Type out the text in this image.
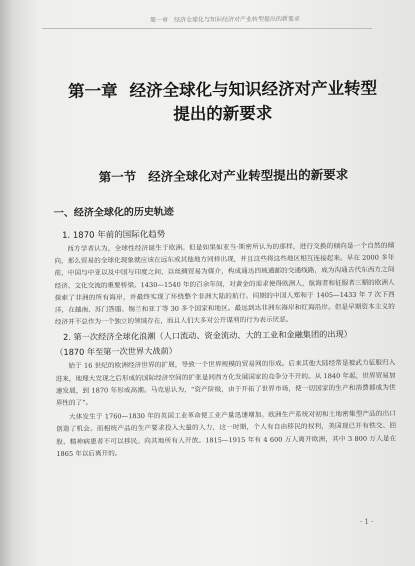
第一章　经济全球化与知识经济对产业转型提出的新要求
第一章 经济全球化与知识经济对产业转型
提出的新要求
第一节 经济全球化对产业转型提出的新要求
一、经济全球化的历史轨迹
1. 1870 年前的国际化趋势

西方学者认为，全球性经济诞生于欧洲。但是如果如亚当·斯密所认为的那样，进行交换的倾向是一个自然的倾向，那么贸易的全球化现象就应该在远东或其他地方同样出现，并且这些将这些地区相互连接起来。早在 2000 多年前，中国与中亚以及中国与印度之间，以丝绸贸易为媒介，构成通达四域通邮的交通线路，成为沟通古代东西方之间经济、文化交流的重要桥梁。1430—1540 年的百余年间，对黄金的需求使得欧洲人，航海者和征服者三顺的欧洲人探索了非洲的所有海岸，并最终实现了环绕整个非洲大陆的航行。同期的中国人郑和于 1405—1433 年 7 次下西洋，在越南、苏门答腊、锡兰和亚丁等 30 多个国家和地区。最远到达非洲东海岸和红海沿岸。但是早期资本主义的经济并不总作为一个独立的领域存在，而且人们大多对公开谋利的行为表示厌恶。

2. 第一次经济全球化浪潮（人口流动、资金流动、大的工业和金融集团的出现）
（1870 年至第一次世界大战前）

始于 16 世纪的欧洲经济世界的扩展，导致一个世界规模的贸易网的形成。后来其他大陆经常是被武力征服归入进来，地理大发现之后形成的国际经济空间的扩张是同西方化发展国家的竞争分不开的。从 1840 年起，世界贸易加速发展，到 1870 年形成高潮。马克思认为，“资产阶级，由于开拓了世界市场，使一切国家的生产和消费都成为世界性的了”。

大体发生于 1760—1830 年的英国工业革命使工业产量迅速增加。欧洲生产系统对初和土地密集型产品的出口创造了机会。而相统产品的生产要求投入大量的人力，这一时期，个人有自由移民的权利，美国现已开有铁交、回股、精神病患者不可以移民。向其地所有人开放。1815—1915 年有 4 600 万人离开欧洲，其中 3 800 万人是在 1865 年以后离开的。

· 1 ·
